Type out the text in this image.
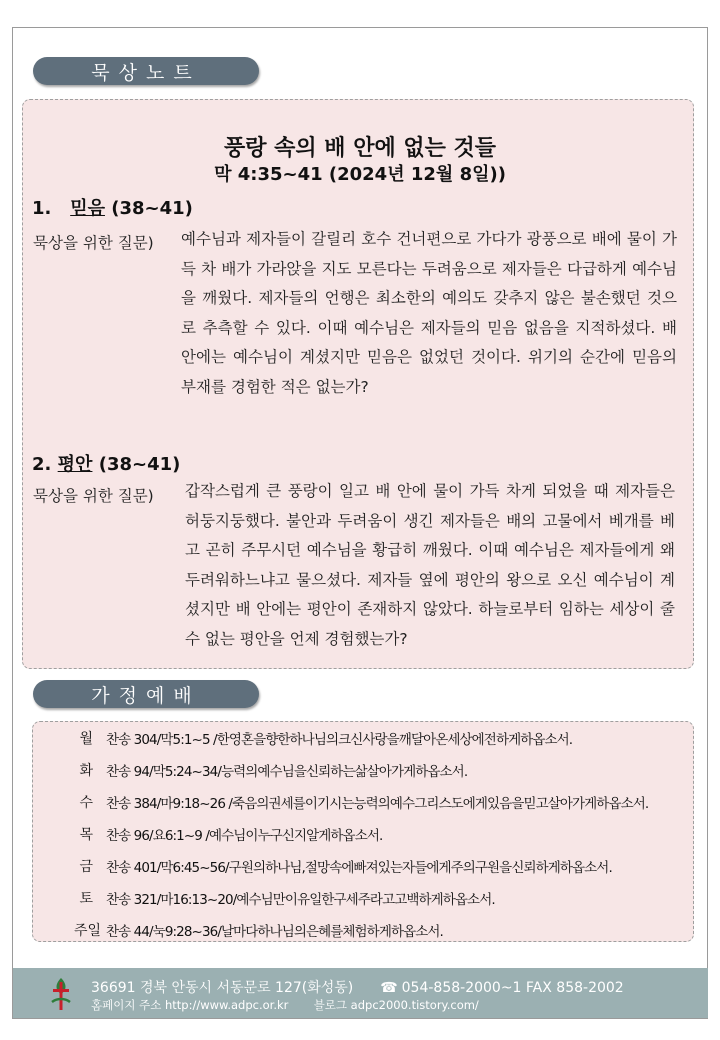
묵상노트
풍랑 속의 배 안에 없는 것들
막 4:35~41 (2024년 12월 8일))
1. 믿음 (38~41)
묵상을 위한 질문) 예수님과 제자들이 갈릴리 호수 건너편으로 가다가 광풍으로 배에 물이 가득 차 배가 가라앉을 지도 모른다는 두려움으로 제자들은 다급하게 예수님을 깨웠다. 제자들의 언행은 최소한의 예의도 갖추지 않은 불손했던 것으로 추측할 수 있다. 이때 예수님은 제자들의 믿음 없음을 지적하셨다. 배 안에는 예수님이 계셨지만 믿음은 없었던 것이다. 위기의 순간에 믿음의 부재를 경험한 적은 없는가?
2. 평안 (38~41)
묵상을 위한 질문) 갑작스럽게 큰 풍랑이 일고 배 안에 물이 가득 차게 되었을 때 제자들은 허둥지둥했다. 불안과 두려움이 생긴 제자들은 배의 고물에서 베개를 베고 곤히 주무시던 예수님을 황급히 깨웠다. 이때 예수님은 제자들에게 왜 두려워하느냐고 물으셨다. 제자들 옆에 평안의 왕으로 오신 예수님이 계셨지만 배 안에는 평안이 존재하지 않았다. 하늘로부터 임하는 세상이 줄 수 없는 평안을 언제 경험했는가?
가정예배
월 찬송 304/막5:1~5 /한영혼을향한하나님의크신사랑을깨달아온세상에전하게하옵소서.
화 찬송 94/막5:24~34/능력의예수님을신뢰하는삶살아가게하옵소서.
수 찬송 384/마9:18~26 /죽음의권세를이기시는능력의예수그리스도에게있음을믿고살아가게하옵소서.
목 찬송 96/요6:1~9 /예수님이누구신지알게하옵소서.
금 찬송 401/막6:45~56/구원의하나님,절망속에빠져있는자들에게주의구원을신뢰하게하옵소서.
토 찬송 321/마16:13~20/예수님만이유일한구세주라고고백하게하옵소서.
주일 찬송 44/눅9:28~36/날마다하나님의은혜를체험하게하옵소서.
36691 경북 안동시 서동문로 127(화성동) ☎ 054-858-2000~1 FAX 858-2002
홈페이지 주소 http://www.adpc.or.kr 블로그 adpc2000.tistory.com/
